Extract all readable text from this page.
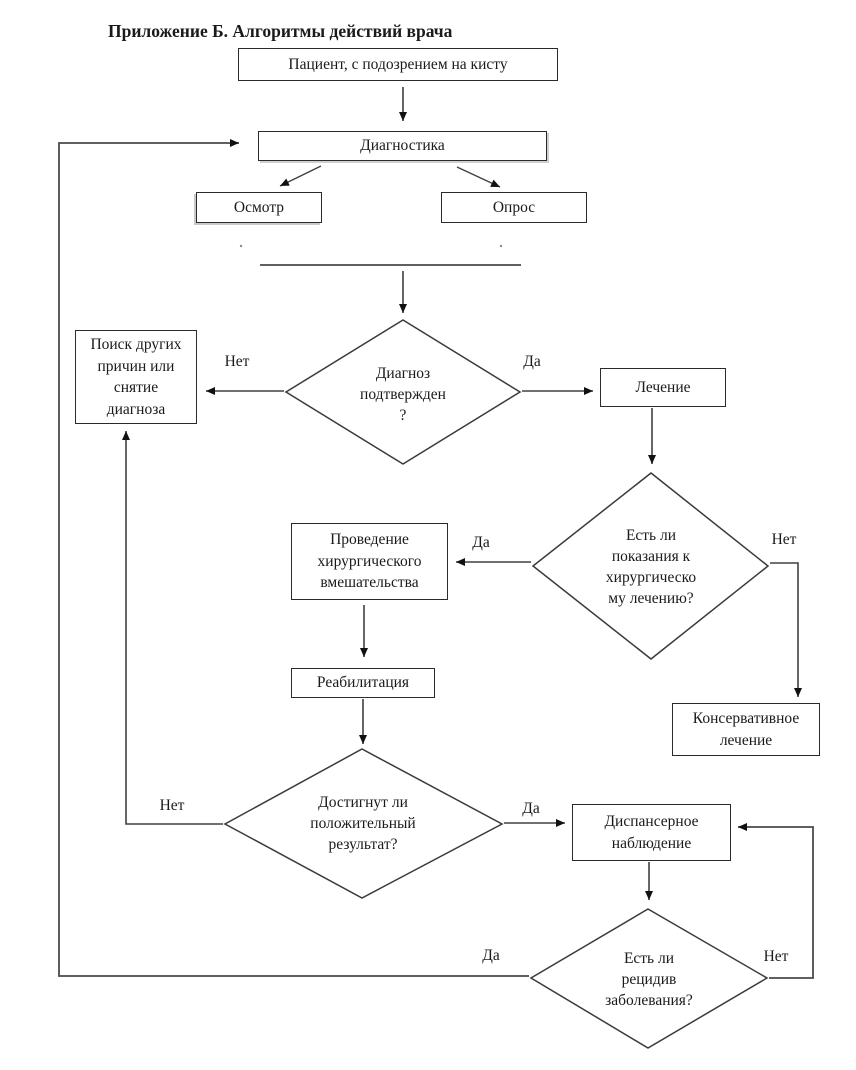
Приложение Б. Алгоритмы действий врача
Пациент, с подозрением на кисту
Диагностика
Осмотр	Опрос
Поиск других
причин или
снятие
диагноза
Лечение
Проведение
хирургического
вмешательства
Реабилитация
Консервативное
лечение
Диспансерное
наблюдение
Диагноз
подтвержден
?
Есть ли
показания к
хирургическо
му лечению?
Достигнут ли
положительный
результат?
Есть ли
рецидив
заболевания?
Нет	Да
Да	Нет
Нет	Да
Да	Нет
